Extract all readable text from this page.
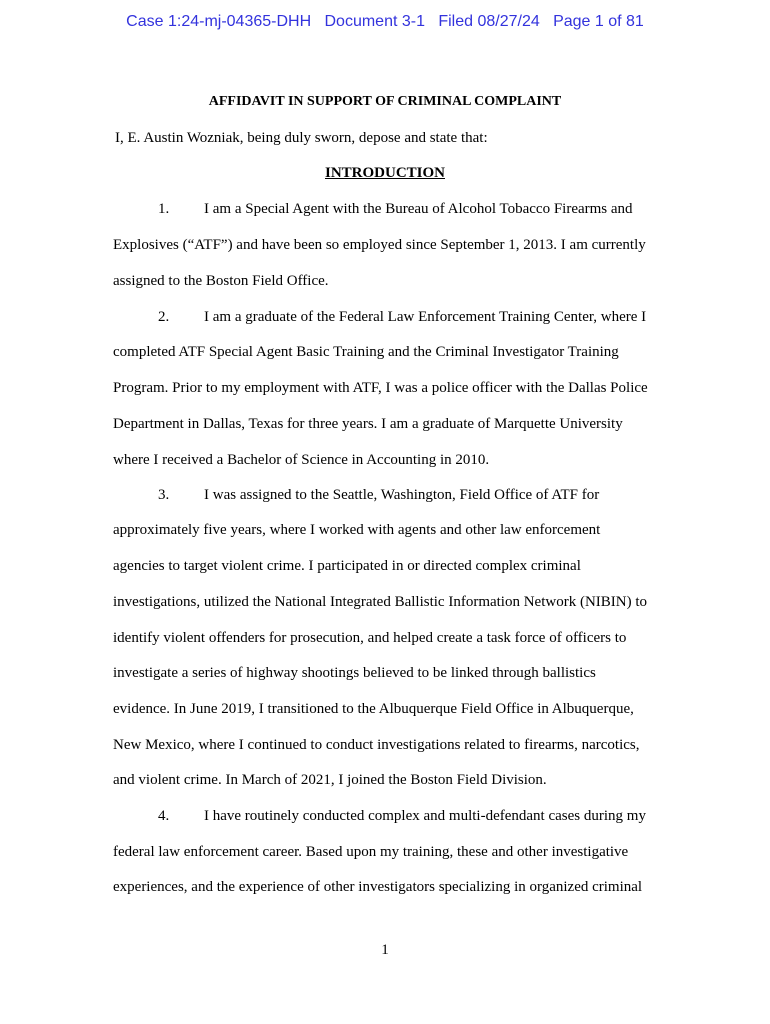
Case 1:24-mj-04365-DHH Document 3-1 Filed 08/27/24 Page 1 of 81
AFFIDAVIT IN SUPPORT OF CRIMINAL COMPLAINT
I, E. Austin Wozniak, being duly sworn, depose and state that:
INTRODUCTION
1. I am a Special Agent with the Bureau of Alcohol Tobacco Firearms and
Explosives (“ATF”) and have been so employed since September 1, 2013. I am currently
assigned to the Boston Field Office.
2. I am a graduate of the Federal Law Enforcement Training Center, where I
completed ATF Special Agent Basic Training and the Criminal Investigator Training
Program. Prior to my employment with ATF, I was a police officer with the Dallas Police
Department in Dallas, Texas for three years. I am a graduate of Marquette University
where I received a Bachelor of Science in Accounting in 2010.
3. I was assigned to the Seattle, Washington, Field Office of ATF for
approximately five years, where I worked with agents and other law enforcement
agencies to target violent crime. I participated in or directed complex criminal
investigations, utilized the National Integrated Ballistic Information Network (NIBIN) to
identify violent offenders for prosecution, and helped create a task force of officers to
investigate a series of highway shootings believed to be linked through ballistics
evidence. In June 2019, I transitioned to the Albuquerque Field Office in Albuquerque,
New Mexico, where I continued to conduct investigations related to firearms, narcotics,
and violent crime. In March of 2021, I joined the Boston Field Division.
4. I have routinely conducted complex and multi-defendant cases during my
federal law enforcement career. Based upon my training, these and other investigative
experiences, and the experience of other investigators specializing in organized criminal
1
